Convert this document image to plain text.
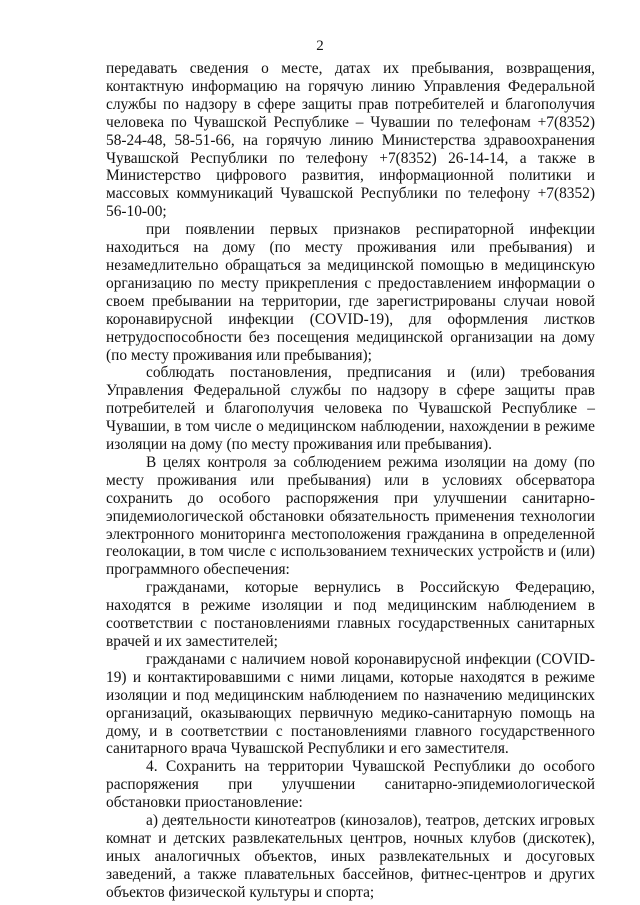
2

передавать сведения о месте, датах их пребывания, возвращения, контактную информацию на горячую линию Управления Федеральной службы по надзору в сфере защиты прав потребителей и благополучия человека по Чувашской Республике – Чувашии по телефонам +7(8352) 58-24-48, 58-51-66, на горячую линию Министерства здравоохранения Чувашской Республики по телефону +7(8352) 26-14-14, а также в Министерство цифрового развития, информационной политики и массовых коммуникаций Чувашской Республики по телефону +7(8352) 56-10-00;

при появлении первых признаков респираторной инфекции находиться на дому (по месту проживания или пребывания) и незамедлительно обращаться за медицинской помощью в медицинскую организацию по месту прикрепления с предоставлением информации о своем пребывании на территории, где зарегистрированы случаи новой коронавирусной инфекции (COVID-19), для оформления листков нетрудоспособности без посещения медицинской организации на дому (по месту проживания или пребывания);

соблюдать постановления, предписания и (или) требования Управления Федеральной службы по надзору в сфере защиты прав потребителей и благополучия человека по Чувашской Республике – Чувашии, в том числе о медицинском наблюдении, нахождении в режиме изоляции на дому (по месту проживания или пребывания).

В целях контроля за соблюдением режима изоляции на дому (по месту проживания или пребывания) или в условиях обсерватора сохранить до особого распоряжения при улучшении санитарно-эпидемиологической обстановки обязательность применения технологии электронного мониторинга местоположения гражданина в определенной геолокации, в том числе с использованием технических устройств и (или) программного обеспечения:

гражданами, которые вернулись в Российскую Федерацию, находятся в режиме изоляции и под медицинским наблюдением в соответствии с постановлениями главных государственных санитарных врачей и их заместителей;

гражданами с наличием новой коронавирусной инфекции (COVID-19) и контактировавшими с ними лицами, которые находятся в режиме изоляции и под медицинским наблюдением по назначению медицинских организаций, оказывающих первичную медико-санитарную помощь на дому, и в соответствии с постановлениями главного государственного санитарного врача Чувашской Республики и его заместителя.

4. Сохранить на территории Чувашской Республики до особого распоряжения при улучшении санитарно-эпидемиологической обстановки приостановление:

а) деятельности кинотеатров (кинозалов), театров, детских игровых комнат и детских развлекательных центров, ночных клубов (дискотек), иных аналогичных объектов, иных развлекательных и досуговых заведений, а также плавательных бассейнов, фитнес-центров и других объектов физической культуры и спорта;
